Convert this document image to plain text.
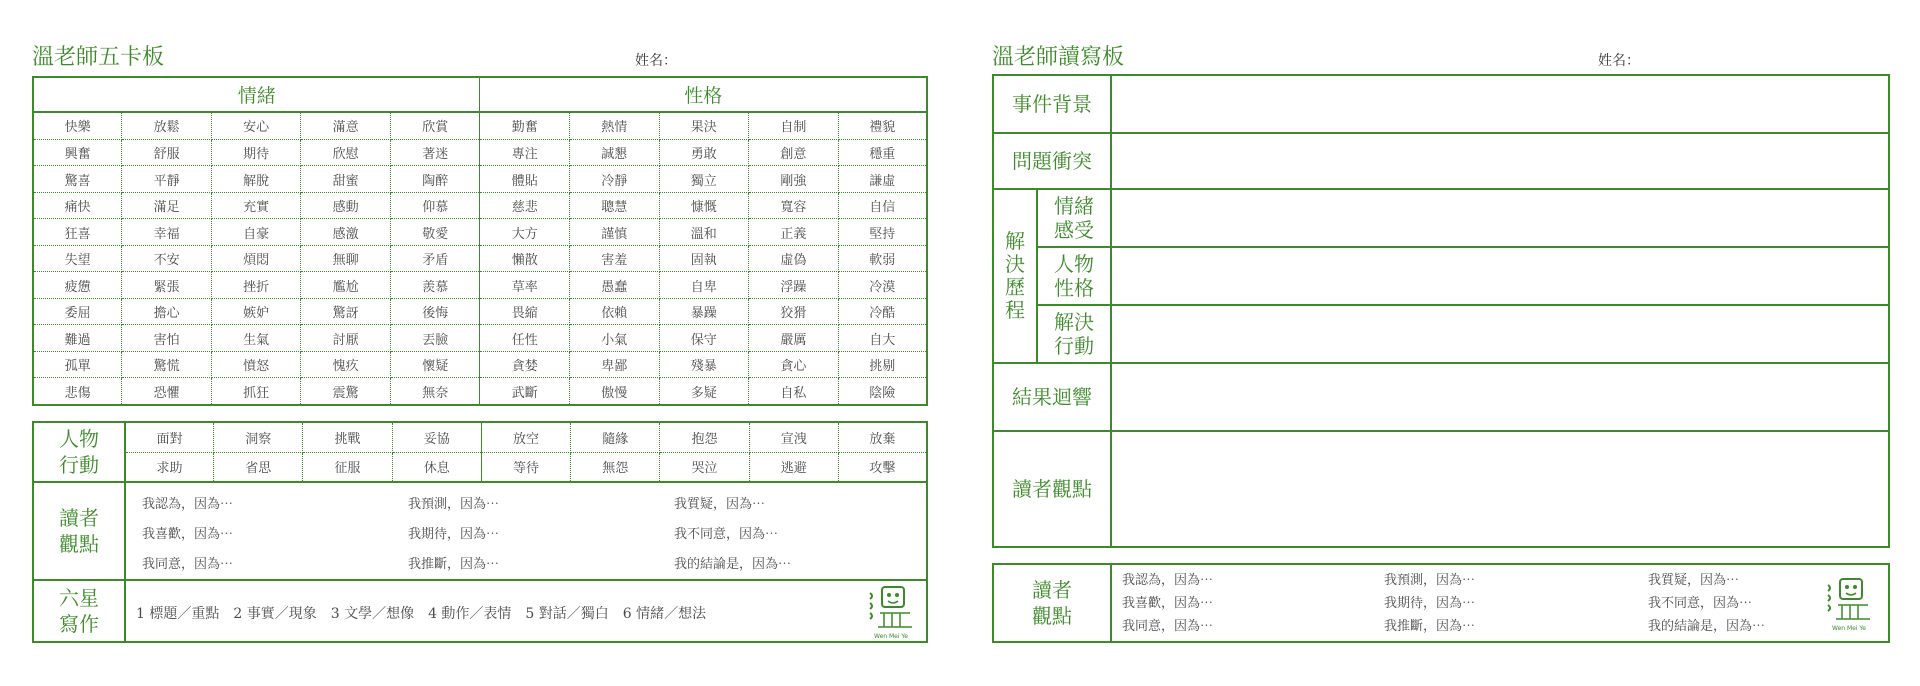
溫老師五卡板	姓名：
情緒					性格				
快樂	放鬆	安心	滿意	欣賞	勤奮	熱情	果決	自制	禮貌
興奮	舒服	期待	欣慰	著迷	專注	誠懇	勇敢	創意	穩重
驚喜	平靜	解脫	甜蜜	陶醉	體貼	冷靜	獨立	剛強	謙虛
痛快	滿足	充實	感動	仰慕	慈悲	聰慧	慷慨	寬容	自信
狂喜	幸福	自豪	感激	敬愛	大方	謹慎	溫和	正義	堅持
失望	不安	煩悶	無聊	矛盾	懶散	害羞	固執	虛偽	軟弱
疲憊	緊張	挫折	尷尬	羨慕	草率	愚蠢	自卑	浮躁	冷漠
委屈	擔心	嫉妒	驚訝	後悔	畏縮	依賴	暴躁	狡猾	冷酷
難過	害怕	生氣	討厭	丟臉	任性	小氣	保守	嚴厲	自大
孤單	驚慌	憤怒	愧疚	懷疑	貪婪	卑鄙	殘暴	貪心	挑剔
悲傷	恐懼	抓狂	震驚	無奈	武斷	傲慢	多疑	自私	陰險
人物
行動
面對	洞察	挑戰	妥協	放空	隨緣	抱怨	宣洩	放棄
求助	省思	征服	休息	等待	無怨	哭泣	逃避	攻擊
讀者
觀點
我認為，因為⋯	我預測，因為⋯	我質疑，因為⋯
我喜歡，因為⋯	我期待，因為⋯	我不同意，因為⋯
我同意，因為⋯	我推斷，因為⋯	我的結論是，因為⋯
六星
寫作	1 標題／重點　2 事實／現象　3 文學／想像　4 動作／表情　5 對話／獨白　6 情緒／想法
Wen Mei Ye
溫老師讀寫板	姓名：
事件背景
問題衝突
解
決
歷
程
情緒
感受
人物
性格
解決
行動
結果迴響
讀者觀點
讀者
觀點
我認為，因為⋯	我預測，因為⋯	我質疑，因為⋯
我喜歡，因為⋯	我期待，因為⋯	我不同意，因為⋯
我同意，因為⋯	我推斷，因為⋯	我的結論是，因為⋯	Wen Mei Ye
